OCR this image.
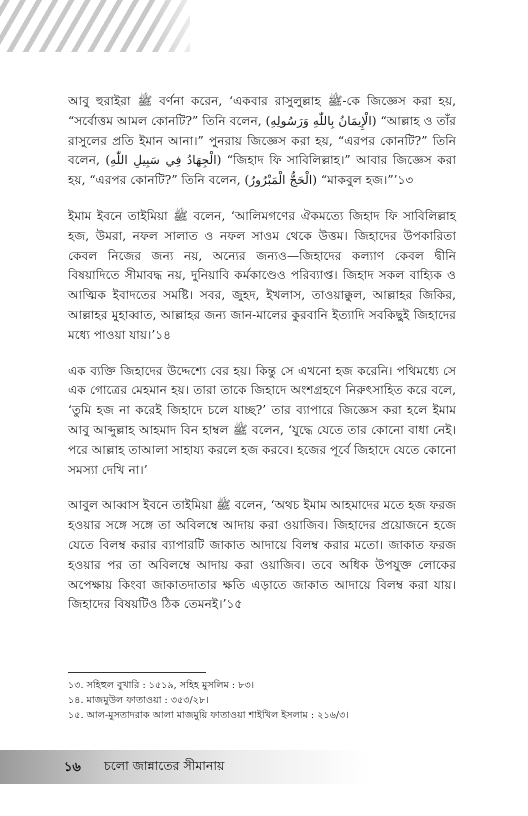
আবু হুরাইরা ﷺ বর্ণনা করেন, ‘একবার রাসুলুল্লাহ ﷺ-কে জিজ্ঞেস করা হয়, “সর্বোত্তম আমল কোনটি?” তিনি বলেন, (الْإِيمَانُ بِاللّٰهِ وَرَسُولِهِ) “আল্লাহ ও তাঁর রাসুলের প্রতি ইমান আনা।” পুনরায় জিজ্ঞেস করা হয়, “এরপর কোনটি?” তিনি বলেন, (الْجِهَادُ فِي سَبِيلِ اللّٰهِ) “জিহাদ ফি সাবিলিল্লাহ।” আবার জিজ্ঞেস করা হয়, “এরপর কোনটি?” তিনি বলেন, (الْحَجُّ الْمَبْرُورُ) “মাকবুল হজ।”’১৩

ইমাম ইবনে তাইমিয়া ﷺ বলেন, ‘আলিমগণের ঐকমত্যে জিহাদ ফি সাবিলিল্লাহ হজ, উমরা, নফল সালাত ও নফল সাওম থেকে উত্তম। জিহাদের উপকারিতা কেবল নিজের জন্য নয়, অন্যের জন্যও—জিহাদের কল্যাণ কেবল দ্বীনি বিষয়াদিতে সীমাবদ্ধ নয়, দুনিয়াবি কর্মকাণ্ডেও পরিব্যাপ্ত। জিহাদ সকল বাহ্যিক ও আত্মিক ইবাদতের সমষ্টি। সবর, জুহদ, ইখলাস, তাওয়াক্কুল, আল্লাহর জিকির, আল্লাহর মুহাব্বাত, আল্লাহর জন্য জান-মালের কুরবানি ইত্যাদি সবকিছুই জিহাদের মধ্যে পাওয়া যায়।’১৪

এক ব্যক্তি জিহাদের উদ্দেশ্যে বের হয়। কিন্তু সে এখনো হজ করেনি। পথিমধ্যে সে এক গোত্রের মেহমান হয়। তারা তাকে জিহাদে অংশগ্রহণে নিরুৎসাহিত করে বলে, ‘তুমি হজ না করেই জিহাদে চলে যাচ্ছ?’ তার ব্যাপারে জিজ্ঞেস করা হলে ইমাম আবু আব্দুল্লাহ আহমাদ বিন হাম্বল ﷺ বলেন, ‘যুদ্ধে যেতে তার কোনো বাধা নেই। পরে আল্লাহ তাআলা সাহায্য করলে হজ করবে। হজের পূর্বে জিহাদে যেতে কোনো সমস্যা দেখি না।’

আবুল আব্বাস ইবনে তাইমিয়া ﷺ বলেন, ‘অথচ ইমাম আহমাদের মতে হজ ফরজ হওয়ার সঙ্গে সঙ্গে তা অবিলম্বে আদায় করা ওয়াজিব। জিহাদের প্রয়োজনে হজে যেতে বিলম্ব করার ব্যাপারটি জাকাত আদায়ে বিলম্ব করার মতো। জাকাত ফরজ হওয়ার পর তা অবিলম্বে আদায় করা ওয়াজিব। তবে অধিক উপযুক্ত লোকের অপেক্ষায় কিংবা জাকাতদাতার ক্ষতি এড়াতে জাকাত আদায়ে বিলম্ব করা যায়। জিহাদের বিষয়টিও ঠিক তেমনই।’১৫

১৩. সহিহুল বুখারি : ১৫১৯, সহিহ মুসলিম : ৮৩।
১৪. মাজমুউল ফাতাওয়া : ৩৫৩/২৮।
১৫. আল-মুসতাদরাক আলা মাজমুয়ি ফাতাওয়া শাইখিল ইসলাম : ২১৬/৩।
১৬ চলো জান্নাতের সীমানায়
